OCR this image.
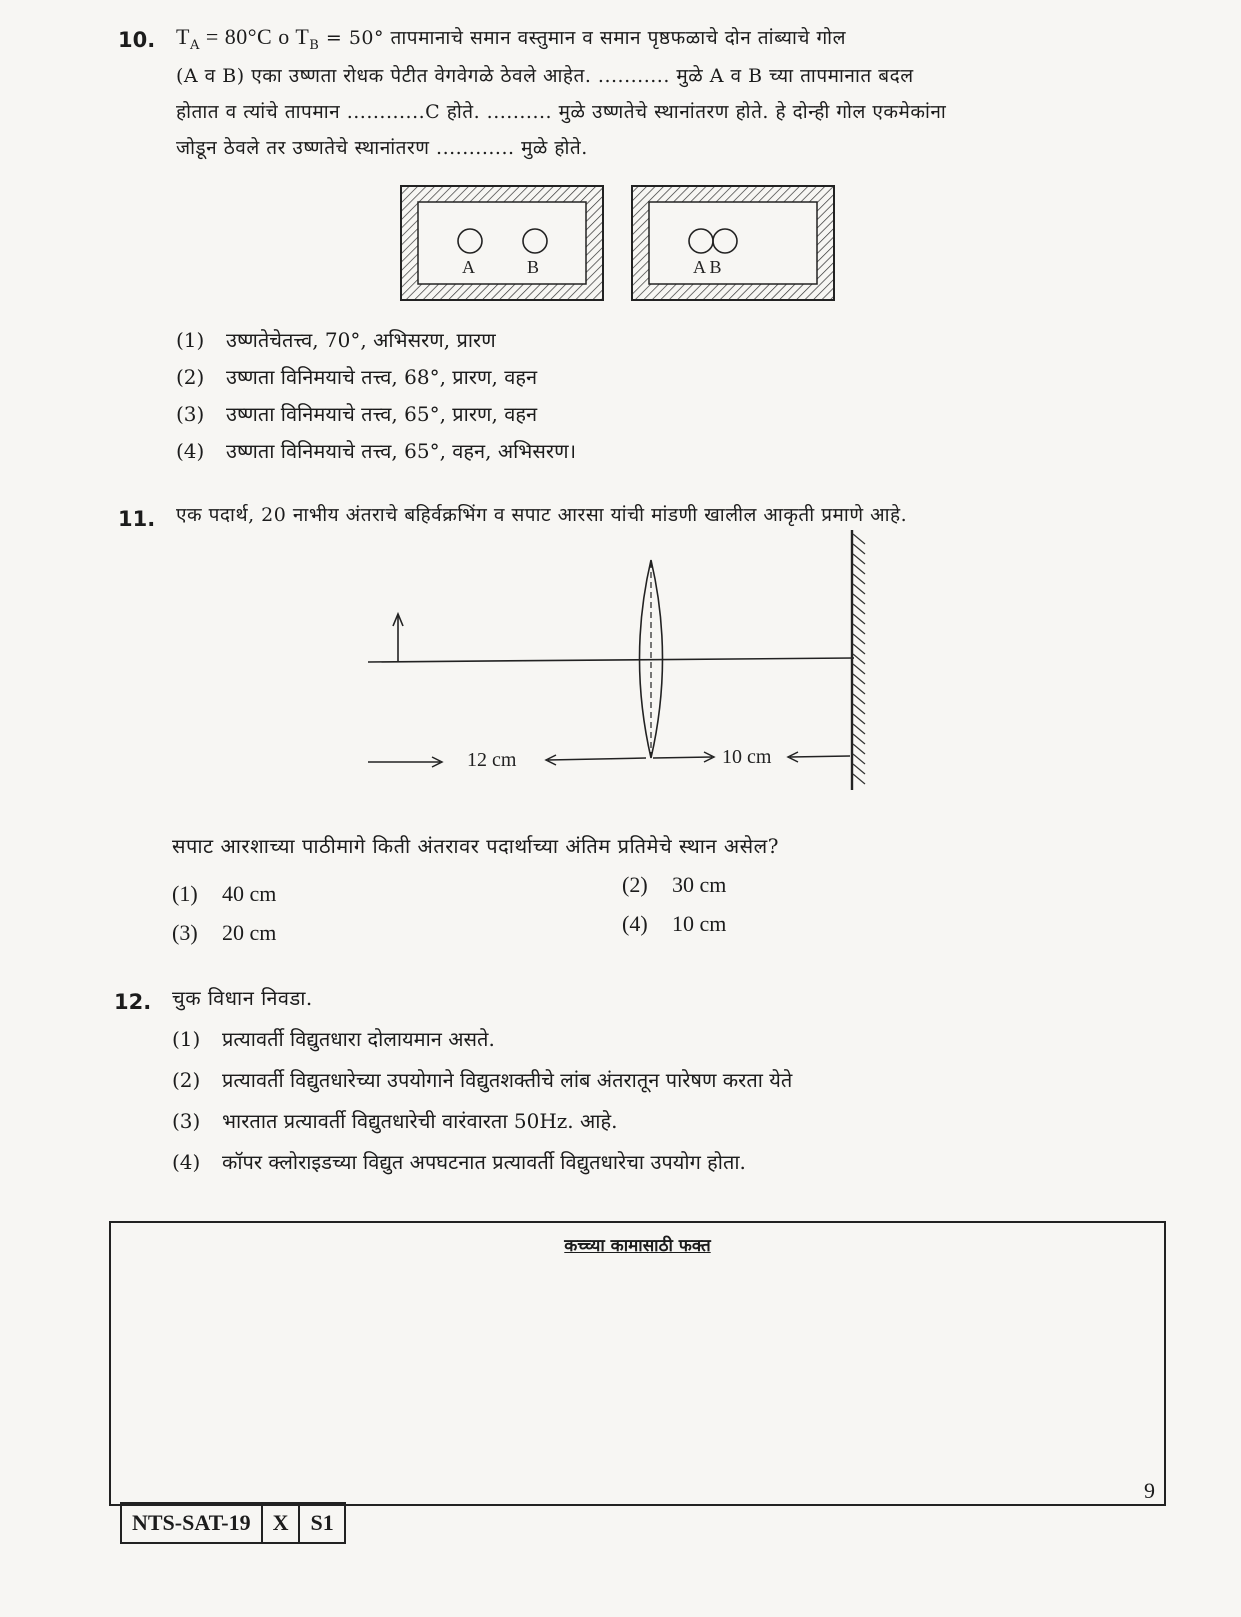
10. $T_A = 80^\circ C$ o $T_B = 50^\circ$ तापमानाचे समान वस्तुमान व समान पृष्ठफळाचे दोन तांब्याचे गोल
(A व B) एका उष्णता रोधक पेटीत वेगवेगळे ठेवले आहेत. ........... मुळे A व B च्या तापमानात बदल
होतात व त्यांचे तापमान ............C होते. .......... मुळे उष्णतेचे स्थानांतरण होते. हे दोन्ही गोल एकमेकांना
जोडून ठेवले तर उष्णतेचे स्थानांतरण ............ मुळे होते.
A	B	A B
(1) उष्णतेचेतत्त्व, 70°, अभिसरण, प्रारण
(2) उष्णता विनिमयाचे तत्त्व, 68°, प्रारण, वहन
(3) उष्णता विनिमयाचे तत्त्व, 65°, प्रारण, वहन
(4) उष्णता विनिमयाचे तत्त्व, 65°, वहन, अभिसरण।
11. एक पदार्थ, 20 नाभीय अंतराचे बहिर्वक्रभिंग व सपाट आरसा यांची मांडणी खालील आकृती प्रमाणे आहे.
12 cm	10 cm
सपाट आरशाच्या पाठीमागे किती अंतरावर पदार्थाच्या अंतिम प्रतिमेचे स्थान असेल?
(1) 40 cm	(2) 30 cm
(3) 20 cm	(4) 10 cm
12. चुक विधान निवडा.
(1) प्रत्यावर्ती विद्युतधारा दोलायमान असते.
(2) प्रत्यावर्ती विद्युतधारेच्या उपयोगाने विद्युतशक्तीचे लांब अंतरातून पारेषण करता येते
(3) भारतात प्रत्यावर्ती विद्युतधारेची वारंवारता 50Hz. आहे.
(4) कॉपर क्लोराइडच्या विद्युत अपघटनात प्रत्यावर्ती विद्युतधारेचा उपयोग होता.
कच्च्या कामासाठी फक्त
9
NTS-SAT-19	X	S1
